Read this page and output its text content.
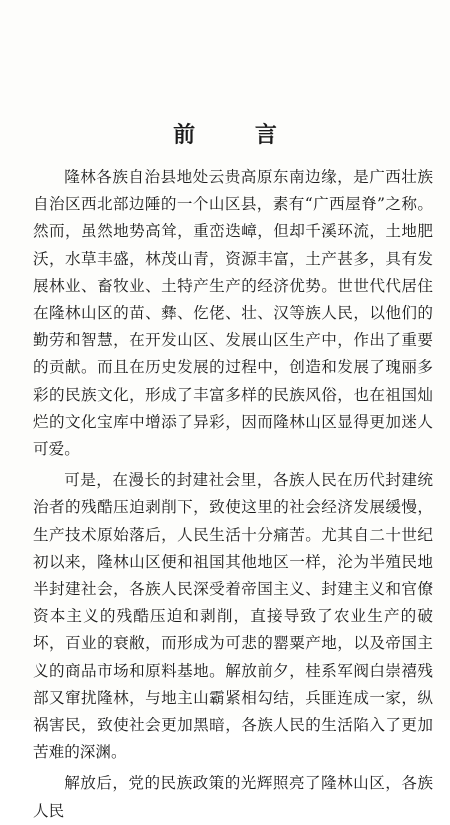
前 言

隆林各族自治县地处云贵高原东南边缘，是广西壮族自治区西北部边陲的一个山区县，素有“广西屋脊”之称。然而，虽然地势高耸，重峦迭嶂，但却千溪环流，土地肥沃，水草丰盛，林茂山青，资源丰富，土产甚多，具有发展林业、畜牧业、土特产生产的经济优势。世世代代居住在隆林山区的苗、彝、仡佬、壮、汉等族人民，以他们的勤劳和智慧，在开发山区、发展山区生产中，作出了重要的贡献。而且在历史发展的过程中，创造和发展了瑰丽多彩的民族文化，形成了丰富多样的民族风俗，也在祖国灿烂的文化宝库中增添了异彩，因而隆林山区显得更加迷人可爱。

可是，在漫长的封建社会里，各族人民在历代封建统治者的残酷压迫剥削下，致使这里的社会经济发展缓慢，生产技术原始落后，人民生活十分痛苦。尤其自二十世纪初以来，隆林山区便和祖国其他地区一样，沦为半殖民地半封建社会，各族人民深受着帝国主义、封建主义和官僚资本主义的残酷压迫和剥削，直接导致了农业生产的破坏，百业的衰敝，而形成为可悲的罂粟产地，以及帝国主义的商品市场和原料基地。解放前夕，桂系军阀白崇禧残部又窜扰隆林，与地主山霸紧相勾结，兵匪连成一家，纵祸害民，致使社会更加黑暗，各族人民的生活陷入了更加苦难的深渊。

解放后，党的民族政策的光辉照亮了隆林山区，各族人民
